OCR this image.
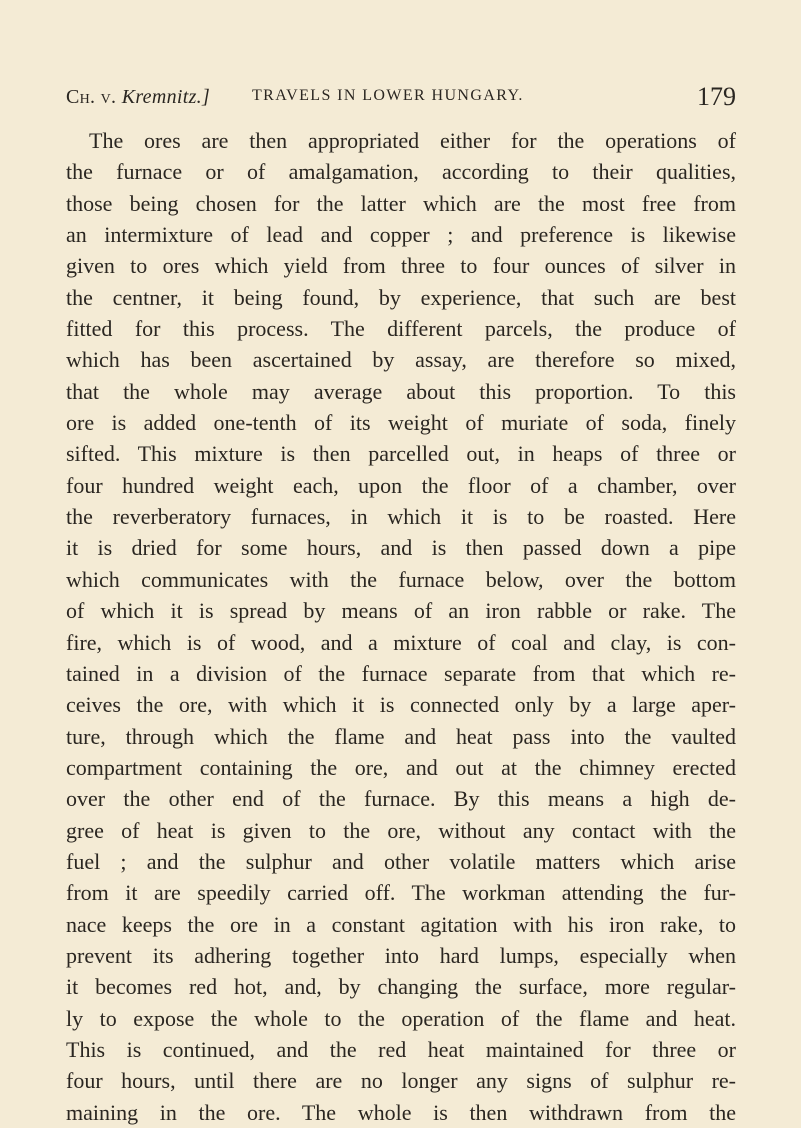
Ch. v. Kremnitz.]	TRAVELS IN LOWER HUNGARY.	179
The ores are then appropriated either for the operations of
the furnace or of amalgamation, according to their qualities,
those being chosen for the latter which are the most free from
an intermixture of lead and copper ; and preference is likewise
given to ores which yield from three to four ounces of silver in
the centner, it being found, by experience, that such are best
fitted for this process. The different parcels, the produce of
which has been ascertained by assay, are therefore so mixed,
that the whole may average about this proportion. To this
ore is added one-tenth of its weight of muriate of soda, finely
sifted. This mixture is then parcelled out, in heaps of three or
four hundred weight each, upon the floor of a chamber, over
the reverberatory furnaces, in which it is to be roasted. Here
it is dried for some hours, and is then passed down a pipe
which communicates with the furnace below, over the bottom
of which it is spread by means of an iron rabble or rake. The
fire, which is of wood, and a mixture of coal and clay, is con-
tained in a division of the furnace separate from that which re-
ceives the ore, with which it is connected only by a large aper-
ture, through which the flame and heat pass into the vaulted
compartment containing the ore, and out at the chimney erected
over the other end of the furnace. By this means a high de-
gree of heat is given to the ore, without any contact with the
fuel ; and the sulphur and other volatile matters which arise
from it are speedily carried off. The workman attending the fur-
nace keeps the ore in a constant agitation with his iron rake, to
prevent its adhering together into hard lumps, especially when
it becomes red hot, and, by changing the surface, more regular-
ly to expose the whole to the operation of the flame and heat.
This is continued, and the red heat maintained for three or
four hours, until there are no longer any signs of sulphur re-
maining in the ore. The whole is then withdrawn from the
